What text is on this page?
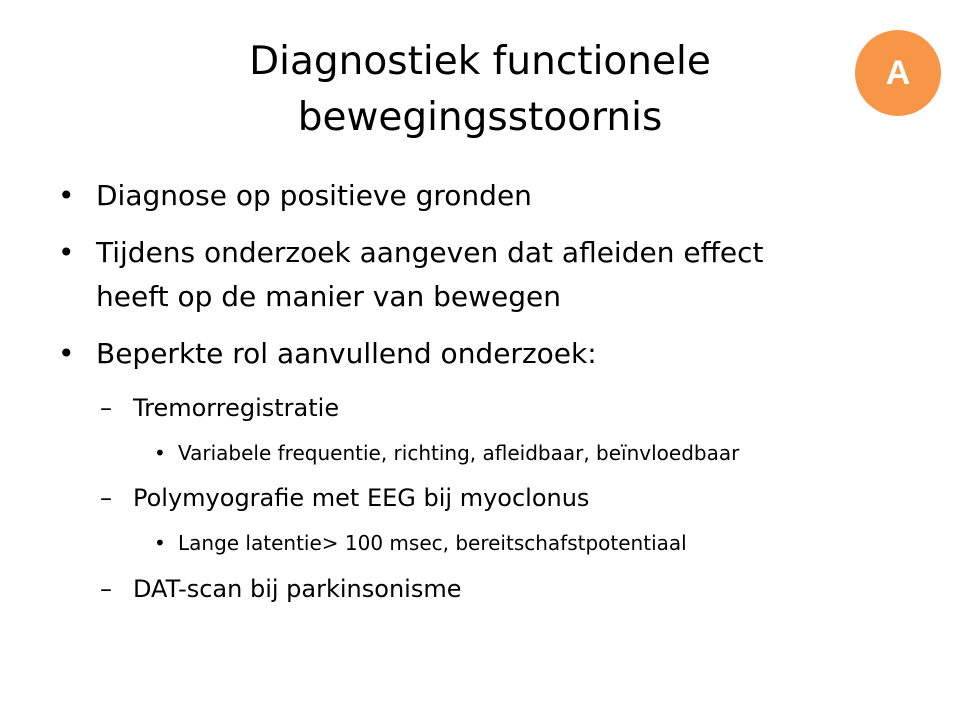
Diagnostiek functionele
bewegingsstoornis
A
• Diagnose op positieve gronden
• Tijdens onderzoek aangeven dat afleiden effect
heeft op de manier van bewegen
• Beperkte rol aanvullend onderzoek:
– Tremorregistratie
• Variabele frequentie, richting, afleidbaar, beïnvloedbaar
– Polymyografie met EEG bij myoclonus
• Lange latentie> 100 msec, bereitschafstpotentiaal
– DAT-scan bij parkinsonisme
